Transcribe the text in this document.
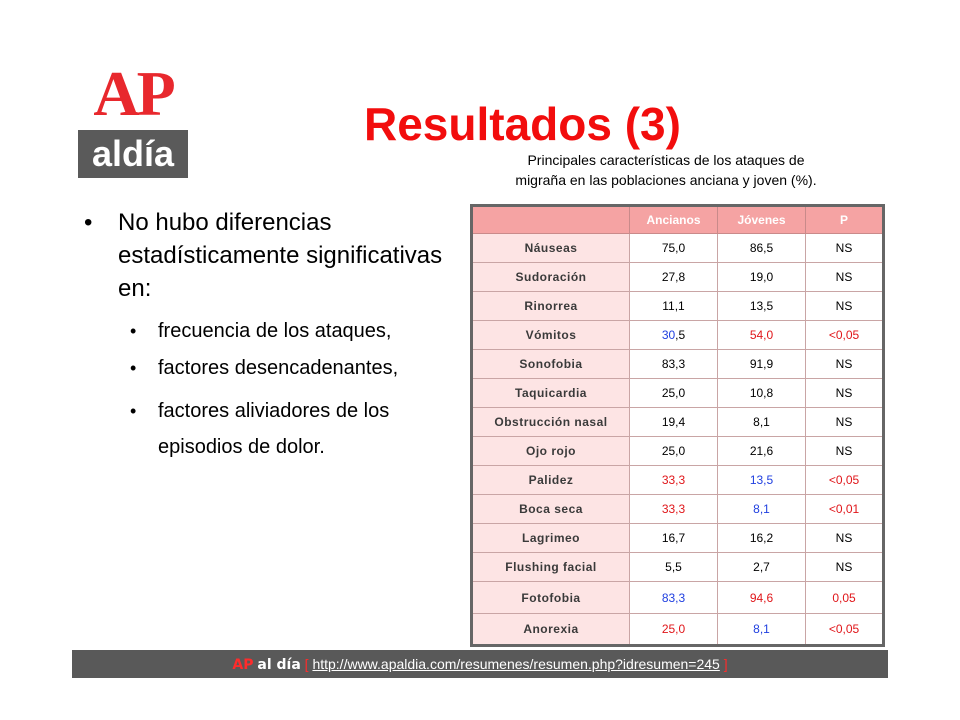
AP
aldía
Resultados (3)
Principales características de los ataques de
migraña en las poblaciones anciana y joven (%).
• No hubo diferencias estadísticamente significativas en:
• frecuencia de los ataques,
• factores desencadenantes,
• factores aliviadores de los episodios de dolor.
	Ancianos	Jóvenes	P
Náuseas	75,0	86,5	NS
Sudoración	27,8	19,0	NS
Rinorrea	11,1	13,5	NS
Vómitos	30,5	54,0	<0,05
Sonofobia	83,3	91,9	NS
Taquicardia	25,0	10,8	NS
Obstrucción nasal	19,4	8,1	NS
Ojo rojo	25,0	21,6	NS
Palidez	33,3	13,5	<0,05
Boca seca	33,3	8,1	<0,01
Lagrimeo	16,7	16,2	NS
Flushing facial	5,5	2,7	NS
Fotofobia	83,3	94,6	0,05
Anorexia	25,0	8,1	<0,05
AP al día [ http://www.apaldia.com/resumenes/resumen.php?idresumen=245 ]
